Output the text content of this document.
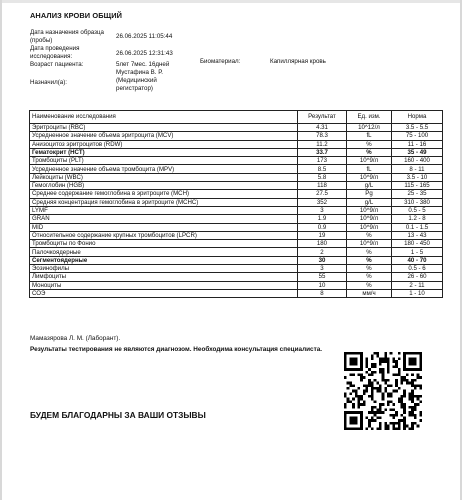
АНАЛИЗ КРОВИ ОБЩИЙ
Дата назначения образца (пробы)
26.06.2025 11:05:44
Дата проведения исследования:	26.06.2025 12:31:43
Возраст пациента:	5лет 7мес. 16дней
Мустафина В. Р.
(Медицинский
регистратор)
Назначил(а):
Биоматериал:	Капиллярная кровь
Наименование исследования	Результат	Ед. изм.	Норма
Эритроциты (RBC)	4.31	10^12/л	3.5 - 5.5
Усредненное значение объема эритроцита (MCV)	78.3	fL	75 - 100
Анизоцитоз эритроцитов (RDW)	11.2	%	11 - 16
Гематокрит (HCT)	33.7	%	35 - 49
Тромбоциты (PLT)	173	10^9/л	160 - 400
Усредненное значение объема тромбоцита (MPV)	8.5	fL	8 - 11
Лейкоциты (WBC)	5.8	10^9/л	3.5 - 10
Гемоглобин (HGB)	118	g/L	115 - 165
Среднее содержание гемоглобина в эритроците (MCH)	27.5	Pg	25 - 35
Средняя концентрация гемоглобина в эритроците (MCHC)	352	g/L	310 - 380
LYMF	3	10^9/л	0.5 - 5
GRAN	1.9	10^9/л	1.2 - 8
MID	0.9	10^9/л	0.1 - 1.5
Относительное содержание крупных тромбоцитов (LPCR)	19	%	13 - 43
Тромбоциты по Фонио	180	10^9/л	180 - 450
Палочкоядерные	2	%	1 - 5
Сегментоядерные	30	%	40 - 70
Эозинофилы	3	%	0.5 - 6
Лимфоциты	55	%	26 - 60
Моноциты	10	%	2 - 11
СОЭ	8	мм/ч	1 - 10
Мамазярова Л. М. (Лаборант).
Результаты тестирования не являются диагнозом. Необходима консультация специалиста.
БУДЕМ БЛАГОДАРНЫ ЗА ВАШИ ОТЗЫВЫ
